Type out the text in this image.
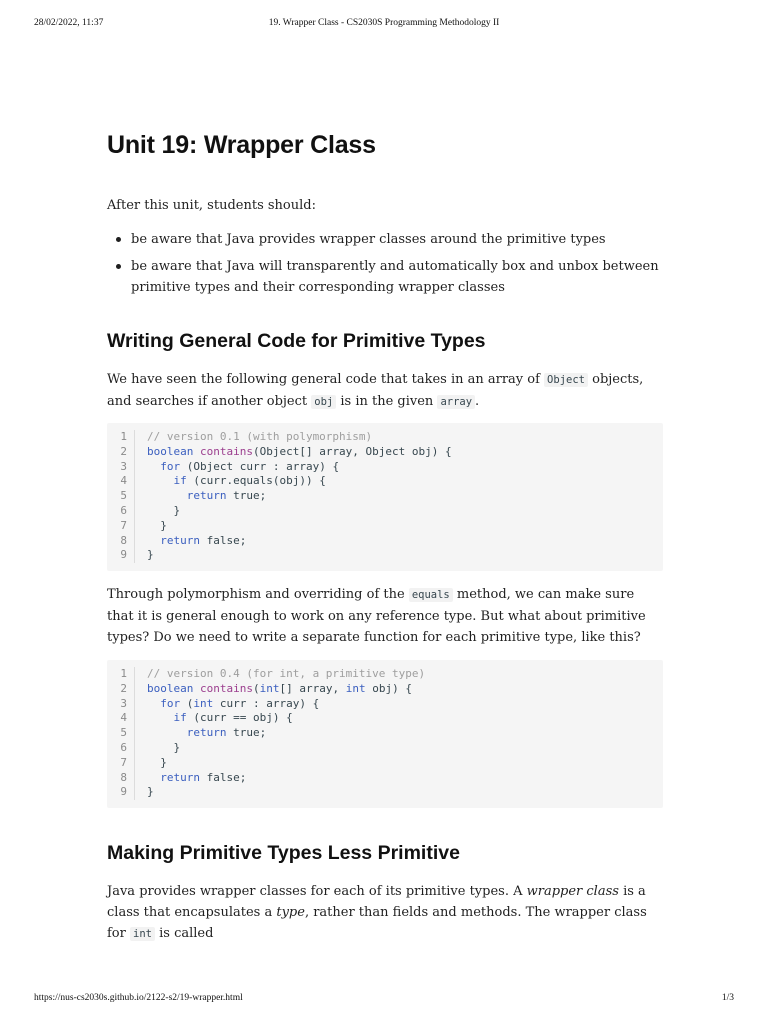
28/02/2022, 11:37	19. Wrapper Class - CS2030S Programming Methodology II
Unit 19: Wrapper Class

After this unit, students should:

be aware that Java provides wrapper classes around the primitive types
be aware that Java will transparently and automatically box and unbox between primitive types and their corresponding wrapper classes
Writing General Code for Primitive Types

We have seen the following general code that takes in an array of Object objects, and searches if another object obj is in the given array .

1	// version 0.1 (with polymorphism)
2	boolean contains(Object[] array, Object obj) {
3	for (Object curr : array) {
4	if (curr.equals(obj)) {
5	return true;
6	}
7	}
8	return false;
9	}

Through polymorphism and overriding of the equals method, we can make sure that it is general enough to work on any reference type. But what about primitive types? Do we need to write a separate function for each primitive type, like this?

1	// version 0.4 (for int, a primitive type)
2	boolean contains(int[] array, int obj) {
3	for (int curr : array) {
4	if (curr == obj) {
5	return true;
6	}
7	}
8	return false;
9	}
Making Primitive Types Less Primitive

Java provides wrapper classes for each of its primitive types. A wrapper class is a class that encapsulates a type, rather than fields and methods. The wrapper class for int is called

https://nus-cs2030s.github.io/2122-s2/19-wrapper.html	1/3
